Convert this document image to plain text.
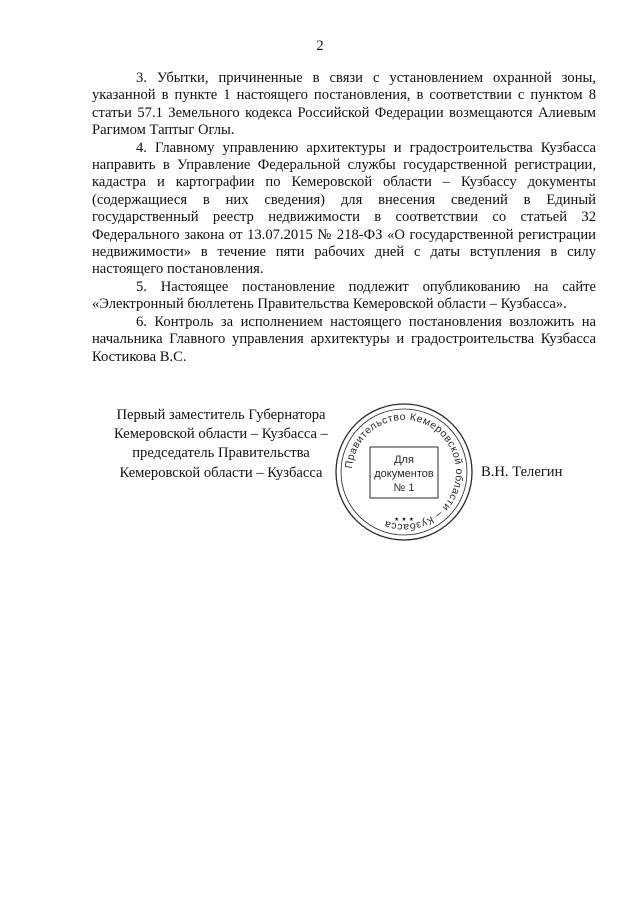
2

3. Убытки, причиненные в связи с установлением охранной зоны, указанной в пункте 1 настоящего постановления, в соответствии с пунктом 8 статьи 57.1 Земельного кодекса Российской Федерации возмещаются Алиевым Рагимом Таптыг Оглы.

4. Главному управлению архитектуры и градостроительства Кузбасса направить в Управление Федеральной службы государственной регистрации, кадастра и картографии по Кемеровской области – Кузбассу документы (содержащиеся в них сведения) для внесения сведений в Единый государственный реестр недвижимости в соответствии со статьей 32 Федерального закона от 13.07.2015 № 218-ФЗ «О государственной регистрации недвижимости» в течение пяти рабочих дней с даты вступления в силу настоящего постановления.

5. Настоящее постановление подлежит опубликованию на сайте «Электронный бюллетень Правительства Кемеровской области – Кузбасса».

6. Контроль за исполнением настоящего постановления возложить на начальника Главного управления архитектуры и градостроительства Кузбасса Костикова В.С.

Первый заместитель Губернатора
Кемеровской области – Кузбасса –
председатель Правительства
Кемеровской области – Кузбасса
Правительство Кемеровской области – Кузбасса
Для
документов
№ 1
★ ★ ★
В.Н. Телегин
